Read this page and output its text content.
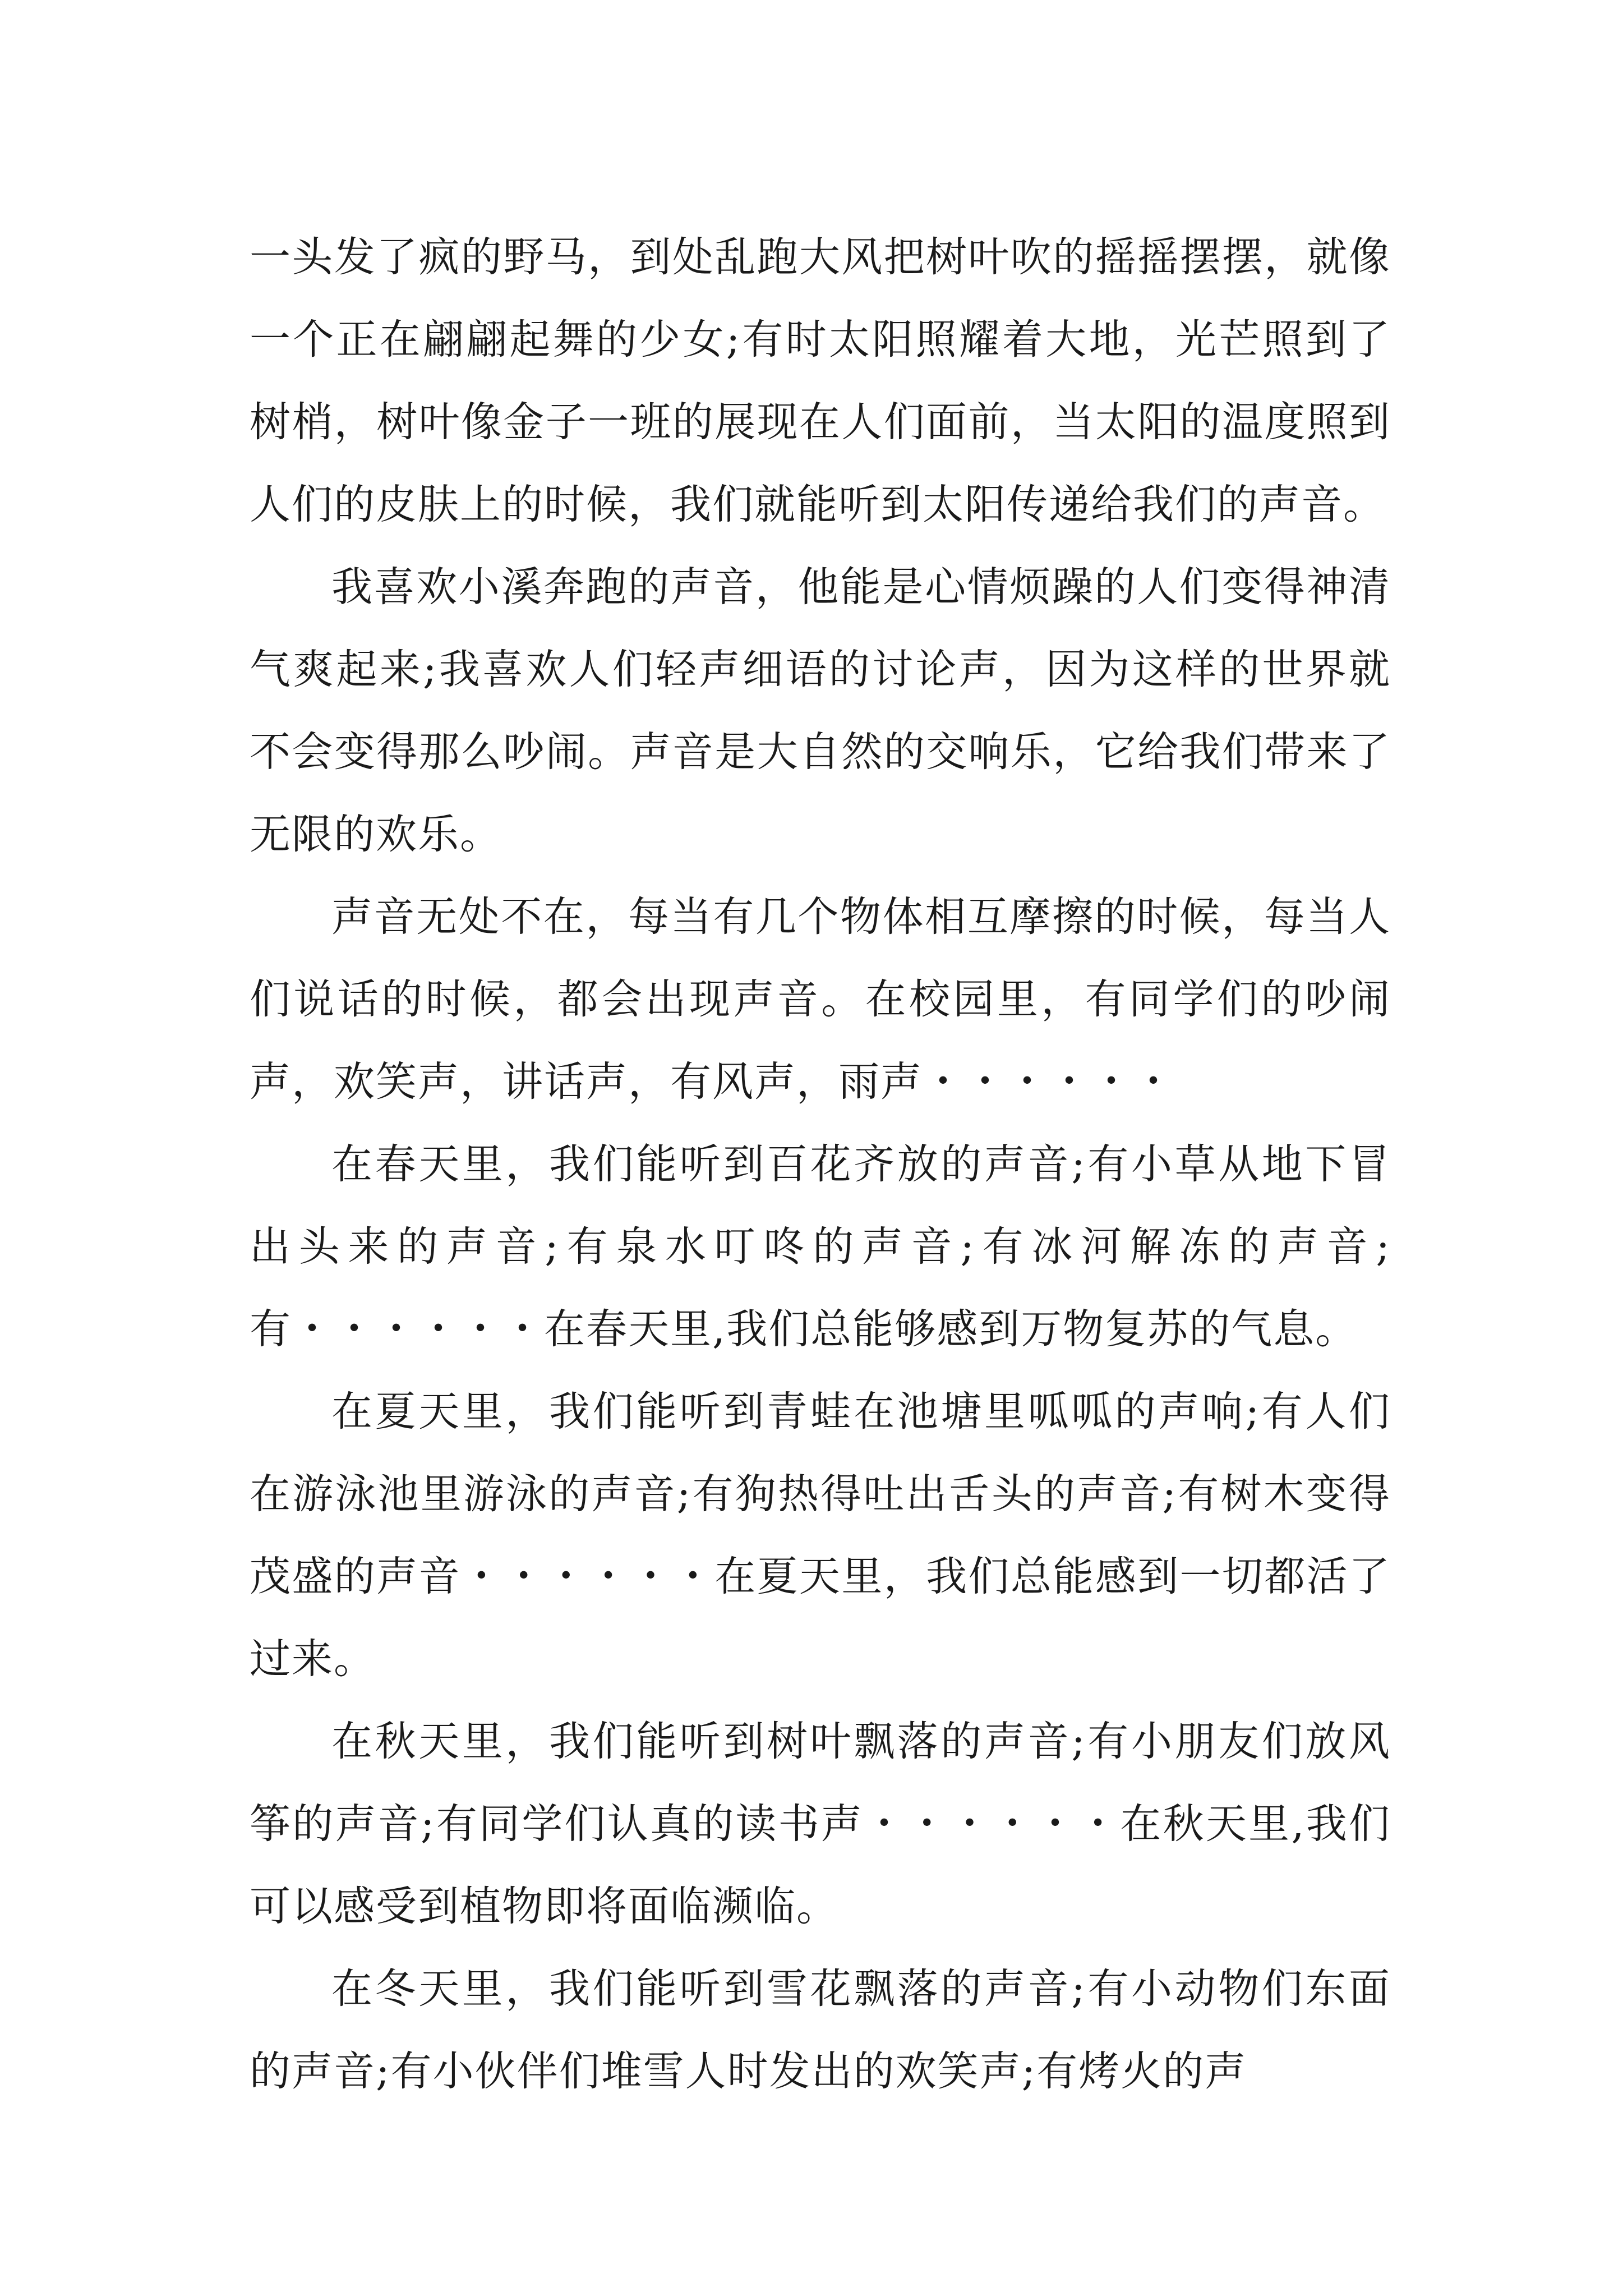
一头发了疯的野马，到处乱跑大风把树叶吹的摇摇摆摆，就像一个正在翩翩起舞的少女;有时太阳照耀着大地，光芒照到了树梢，树叶像金子一班的展现在人们面前，当太阳的温度照到人们的皮肤上的时候，我们就能听到太阳传递给我们的声音。

我喜欢小溪奔跑的声音，他能是心情烦躁的人们变得神清气爽起来;我喜欢人们轻声细语的讨论声，因为这样的世界就不会变得那么吵闹。声音是大自然的交响乐，它给我们带来了无限的欢乐。

声音无处不在，每当有几个物体相互摩擦的时候，每当人们说话的时候，都会出现声音。在校园里，有同学们的吵闹声，欢笑声，讲话声，有风声，雨声・・・・・・

在春天里，我们能听到百花齐放的声音;有小草从地下冒出头来的声音;有泉水叮咚的声音;有冰河解冻的声音;有・・・・・・在春天里,我们总能够感到万物复苏的气息。

在夏天里，我们能听到青蛙在池塘里呱呱的声响;有人们在游泳池里游泳的声音;有狗热得吐出舌头的声音;有树木变得茂盛的声音・・・・・・在夏天里，我们总能感到一切都活了过来。

在秋天里，我们能听到树叶飘落的声音;有小朋友们放风筝的声音;有同学们认真的读书声・・・・・・在秋天里,我们可以感受到植物即将面临濒临。

在冬天里，我们能听到雪花飘落的声音;有小动物们东面的声音;有小伙伴们堆雪人时发出的欢笑声;有烤火的声
